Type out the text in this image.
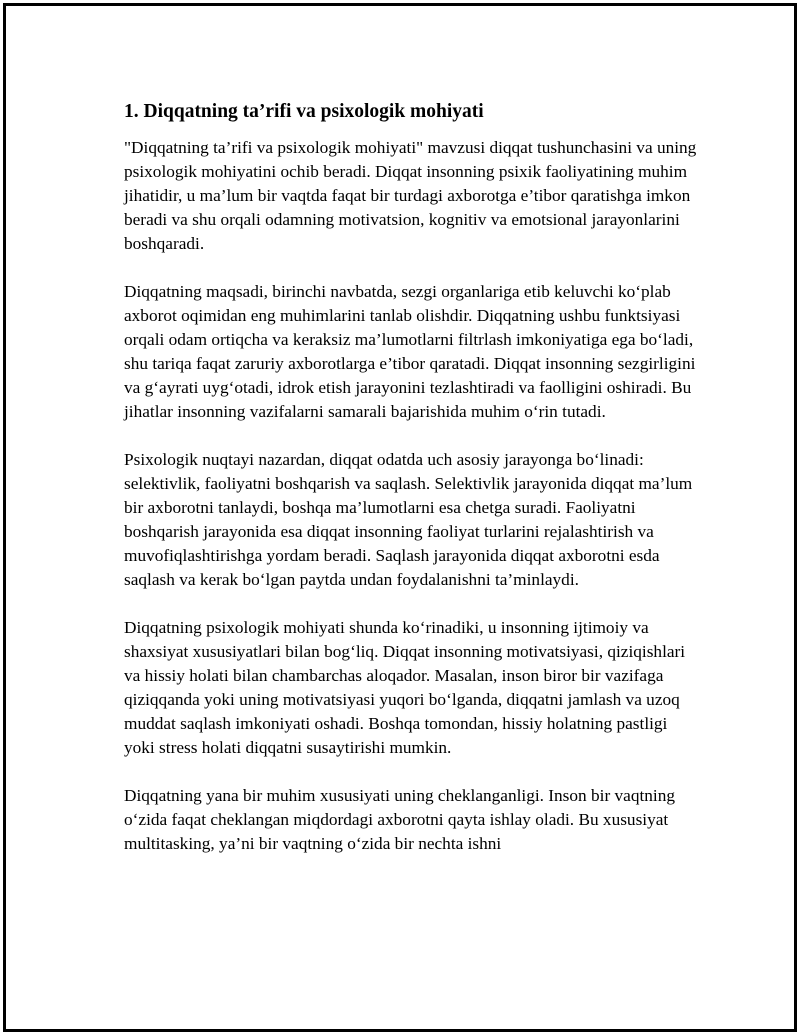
1. Diqqatning ta’rifi va psixologik mohiyati

"Diqqatning ta’rifi va psixologik mohiyati" mavzusi diqqat tushunchasini va uning psixologik mohiyatini ochib beradi. Diqqat insonning psixik faoliyatining muhim jihatidir, u ma’lum bir vaqtda faqat bir turdagi axborotga e’tibor qaratishga imkon beradi va shu orqali odamning motivatsion, kognitiv va emotsional jarayonlarini boshqaradi.

Diqqatning maqsadi, birinchi navbatda, sezgi organlariga etib keluvchi ko‘plab axborot oqimidan eng muhimlarini tanlab olishdir. Diqqatning ushbu funktsiyasi orqali odam ortiqcha va keraksiz ma’lumotlarni filtrlash imkoniyatiga ega bo‘ladi, shu tariqa faqat zaruriy axborotlarga e’tibor qaratadi. Diqqat insonning sezgirligini va g‘ayrati uyg‘otadi, idrok etish jarayonini tezlashtiradi va faolligini oshiradi. Bu jihatlar insonning vazifalarni samarali bajarishida muhim o‘rin tutadi.

Psixologik nuqtayi nazardan, diqqat odatda uch asosiy jarayonga bo‘linadi: selektivlik, faoliyatni boshqarish va saqlash. Selektivlik jarayonida diqqat ma’lum bir axborotni tanlaydi, boshqa ma’lumotlarni esa chetga suradi. Faoliyatni boshqarish jarayonida esa diqqat insonning faoliyat turlarini rejalashtirish va muvofiqlashtirishga yordam beradi. Saqlash jarayonida diqqat axborotni esda saqlash va kerak bo‘lgan paytda undan foydalanishni ta’minlaydi.

Diqqatning psixologik mohiyati shunda ko‘rinadiki, u insonning ijtimoiy va shaxsiyat xususiyatlari bilan bog‘liq. Diqqat insonning motivatsiyasi, qiziqishlari va hissiy holati bilan chambarchas aloqador. Masalan, inson biror bir vazifaga qiziqqanda yoki uning motivatsiyasi yuqori bo‘lganda, diqqatni jamlash va uzoq muddat saqlash imkoniyati oshadi. Boshqa tomondan, hissiy holatning pastligi yoki stress holati diqqatni susaytirishi mumkin.

Diqqatning yana bir muhim xususiyati uning cheklanganligi. Inson bir vaqtning o‘zida faqat cheklangan miqdordagi axborotni qayta ishlay oladi. Bu xususiyat multitasking, ya’ni bir vaqtning o‘zida bir nechta ishni
